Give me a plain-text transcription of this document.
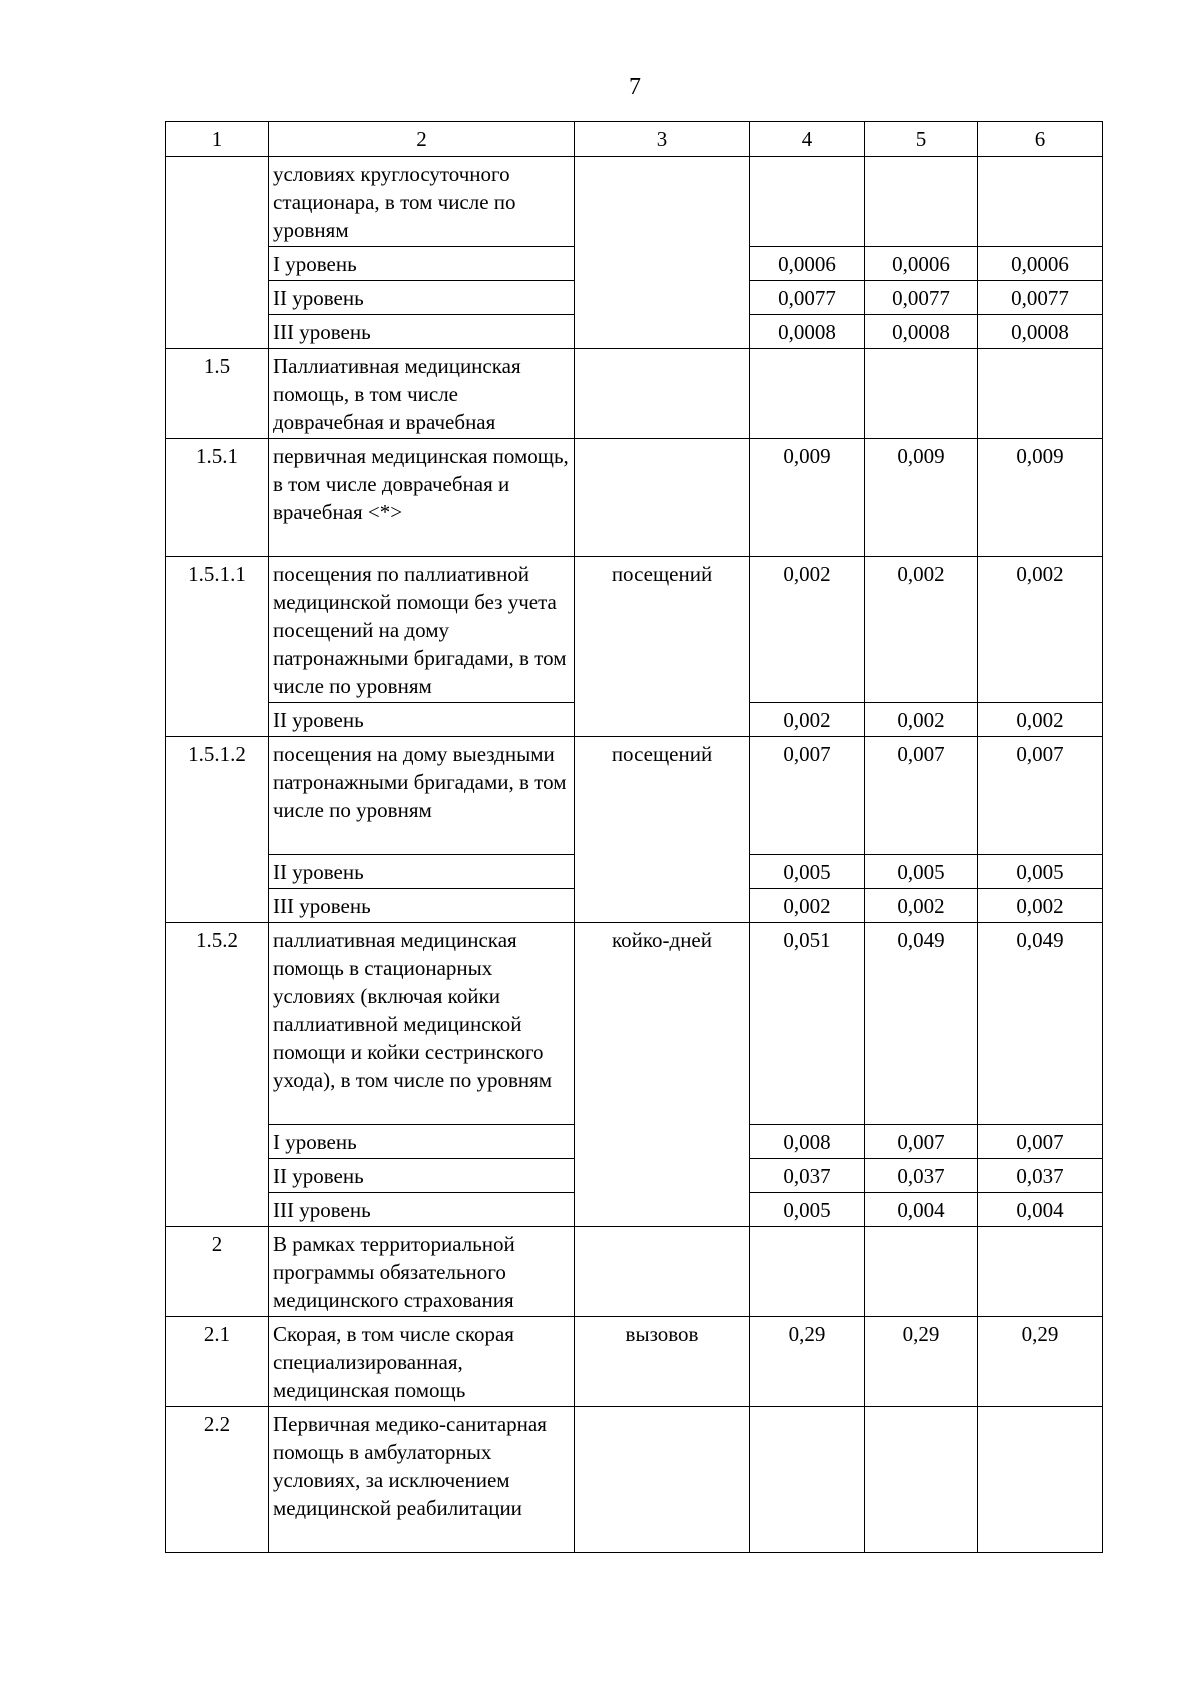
7
1	2	3	4	5	6
	условиях круглосуточного стационара, в том числе по уровням				
	I уровень		0,0006	0,0006	0,0006
	II уровень		0,0077	0,0077	0,0077
	III уровень		0,0008	0,0008	0,0008
1.5	Паллиативная медицинская помощь, в том числе доврачебная и врачебная				
1.5.1	первичная медицинская помощь, в том числе доврачебная и врачебная <*>		0,009	0,009	0,009
1.5.1.1	посещения по паллиативной медицинской помощи без учета посещений на дому патронажными бригадами, в том числе по уровням	посещений	0,002	0,002	0,002
	II уровень		0,002	0,002	0,002
1.5.1.2	посещения на дому выездными патронажными бригадами, в том числе по уровням	посещений	0,007	0,007	0,007
	II уровень		0,005	0,005	0,005
	III уровень		0,002	0,002	0,002
1.5.2	паллиативная медицинская помощь в стационарных условиях (включая койки паллиативной медицинской помощи и койки сестринского ухода), в том числе по уровням	койко-дней	0,051	0,049	0,049
	I уровень		0,008	0,007	0,007
	II уровень		0,037	0,037	0,037
	III уровень		0,005	0,004	0,004
2	В рамках территориальной программы обязательного медицинского страхования				
2.1	Скорая, в том числе скорая специализированная, медицинская помощь	вызовов	0,29	0,29	0,29
2.2	Первичная медико-санитарная помощь в амбулаторных условиях, за исключением медицинской реабилитации				
